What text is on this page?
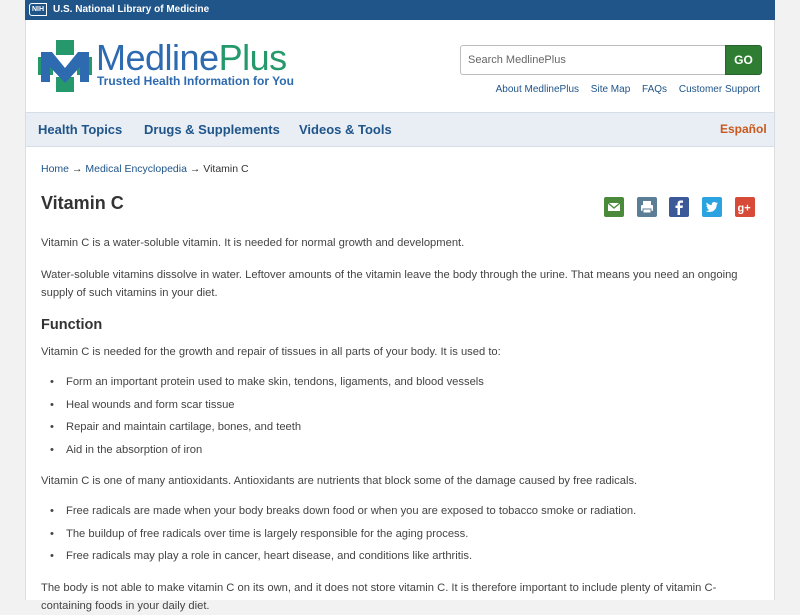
NIH U.S. National Library of Medicine
MedlinePlus
Trusted Health Information for You
Search MedlinePlus
GO
About MedlinePlus Site Map FAQs Customer Support
Health Topics Drugs & Supplements Videos & Tools	Español
Home → Medical Encyclopedia → Vitamin C
Vitamin C	g+

Vitamin C is a water-soluble vitamin. It is needed for normal growth and development.

Water-soluble vitamins dissolve in water. Leftover amounts of the vitamin leave the body through the urine. That means you need an ongoing supply of such vitamins in your diet.

Function

Vitamin C is needed for the growth and repair of tissues in all parts of your body. It is used to:

• Form an important protein used to make skin, tendons, ligaments, and blood vessels
• Heal wounds and form scar tissue
• Repair and maintain cartilage, bones, and teeth
• Aid in the absorption of iron

Vitamin C is one of many antioxidants. Antioxidants are nutrients that block some of the damage caused by free radicals.

• Free radicals are made when your body breaks down food or when you are exposed to tobacco smoke or radiation.
• The buildup of free radicals over time is largely responsible for the aging process.
• Free radicals may play a role in cancer, heart disease, and conditions like arthritis.

The body is not able to make vitamin C on its own, and it does not store vitamin C. It is therefore important to include plenty of vitamin C-containing foods in your daily diet.
